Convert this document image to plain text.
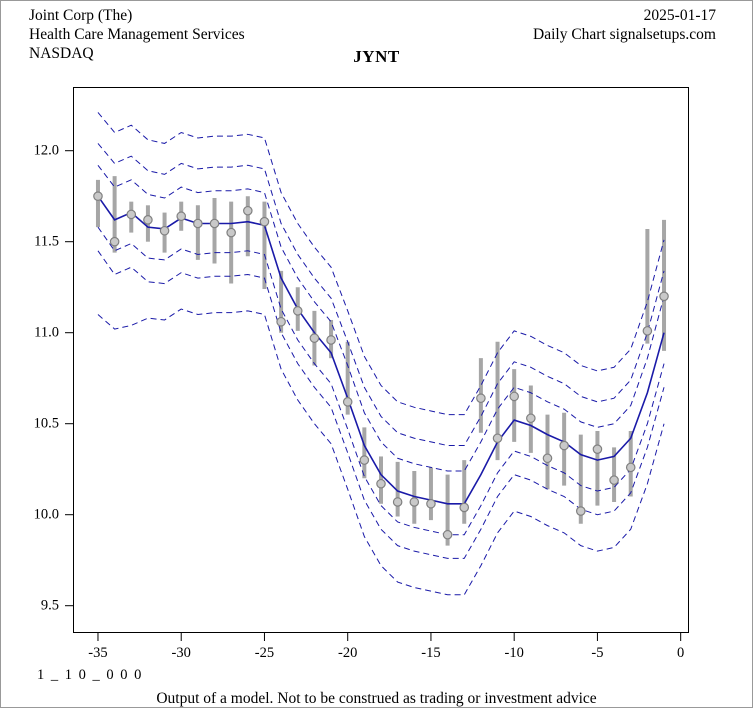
Joint Corp (The)
Health Care Management Services
NASDAQ
2025-01-17
Daily Chart signalsetups.com
JYNT
9.5
10.0
10.5
11.0
11.5
12.0
-35	-30	-25	-20	-15	-10	-5	0
1 _ 1 0 _ 0 0 0
Output of a model. Not to be construed as trading or investment advice
